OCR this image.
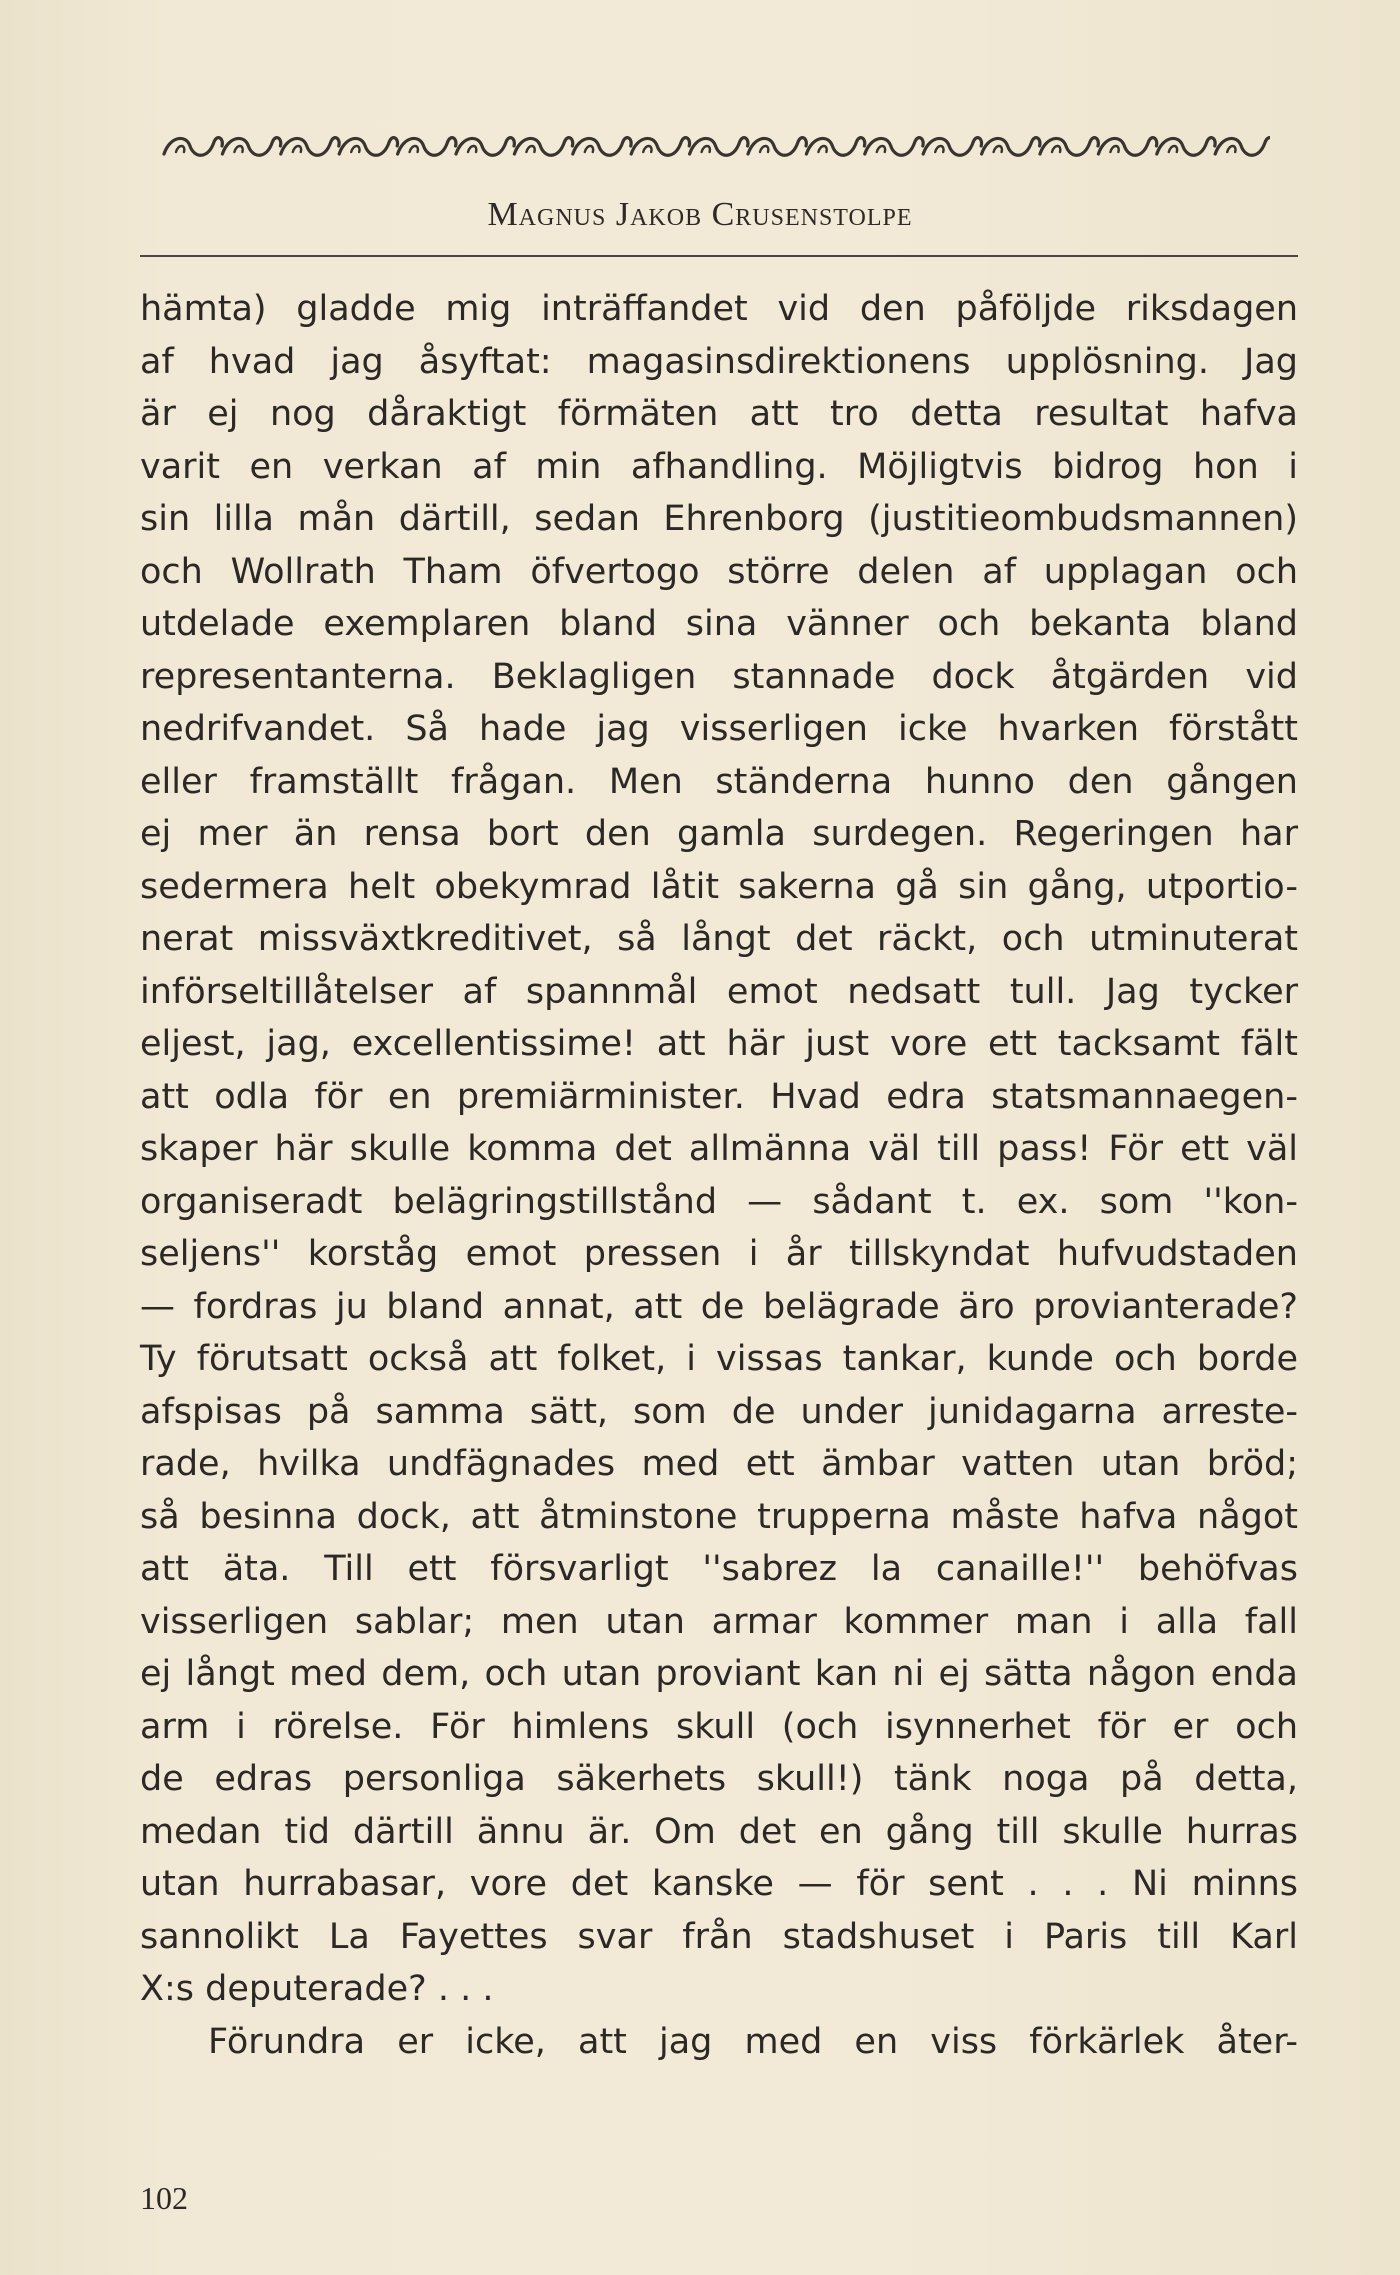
Magnus Jakob Crusenstolpe
hämta) gladde mig inträffandet vid den påföljde riksdagen
af hvad jag åsyftat: magasinsdirektionens upplösning. Jag
är ej nog dåraktigt förmäten att tro detta resultat hafva
varit en verkan af min afhandling. Möjligtvis bidrog hon i
sin lilla mån därtill, sedan Ehrenborg (justitieombudsmannen)
och Wollrath Tham öfvertogo större delen af upplagan och
utdelade exemplaren bland sina vänner och bekanta bland
representanterna. Beklagligen stannade dock åtgärden vid
nedrifvandet. Så hade jag visserligen icke hvarken förstått
eller framställt frågan. Men ständerna hunno den gången
ej mer än rensa bort den gamla surdegen. Regeringen har
sedermera helt obekymrad låtit sakerna gå sin gång, utportio-
nerat missväxtkreditivet, så långt det räckt, och utminuterat
införseltillåtelser af spannmål emot nedsatt tull. Jag tycker
eljest, jag, excellentissime! att här just vore ett tacksamt fält
att odla för en premiärminister. Hvad edra statsmannaegen-
skaper här skulle komma det allmänna väl till pass! För ett väl
organiseradt belägringstillstånd — sådant t. ex. som ''kon-
seljens'' korståg emot pressen i år tillskyndat hufvudstaden
— fordras ju bland annat, att de belägrade äro provianterade?
Ty förutsatt också att folket, i vissas tankar, kunde och borde
afspisas på samma sätt, som de under junidagarna arreste-
rade, hvilka undfägnades med ett ämbar vatten utan bröd;
så besinna dock, att åtminstone trupperna måste hafva något
att äta. Till ett försvarligt ''sabrez la canaille!'' behöfvas
visserligen sablar; men utan armar kommer man i alla fall
ej långt med dem, och utan proviant kan ni ej sätta någon enda
arm i rörelse. För himlens skull (och isynnerhet för er och
de edras personliga säkerhets skull!) tänk noga på detta,
medan tid därtill ännu är. Om det en gång till skulle hurras
utan hurrabasar, vore det kanske — för sent . . . Ni minns
sannolikt La Fayettes svar från stadshuset i Paris till Karl
X:s deputerade? . . .
Förundra er icke, att jag med en viss förkärlek åter-
102
